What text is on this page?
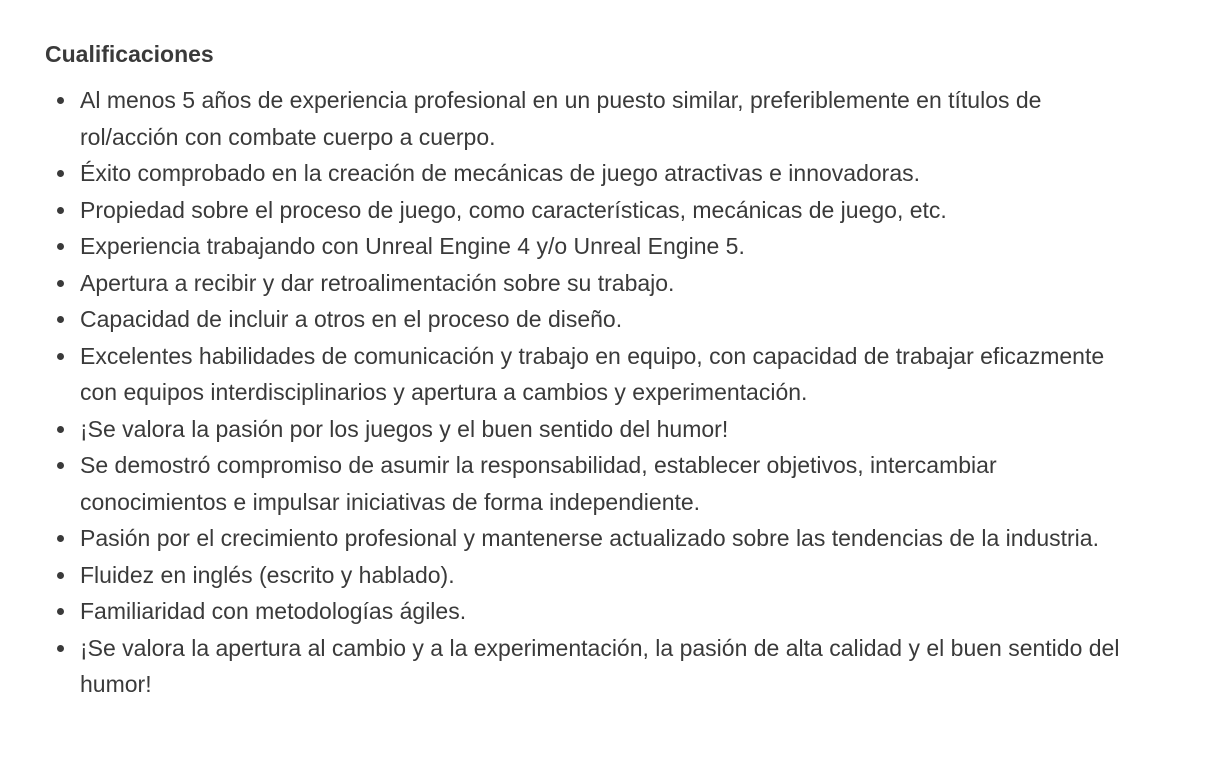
Cualificaciones
Al menos 5 años de experiencia profesional en un puesto similar, preferiblemente en títulos de rol/acción con combate cuerpo a cuerpo.
Éxito comprobado en la creación de mecánicas de juego atractivas e innovadoras.
Propiedad sobre el proceso de juego, como características, mecánicas de juego, etc.
Experiencia trabajando con Unreal Engine 4 y/o Unreal Engine 5.
Apertura a recibir y dar retroalimentación sobre su trabajo.
Capacidad de incluir a otros en el proceso de diseño.
Excelentes habilidades de comunicación y trabajo en equipo, con capacidad de trabajar eficazmente con equipos interdisciplinarios y apertura a cambios y experimentación.
¡Se valora la pasión por los juegos y el buen sentido del humor!
Se demostró compromiso de asumir la responsabilidad, establecer objetivos, intercambiar conocimientos e impulsar iniciativas de forma independiente.
Pasión por el crecimiento profesional y mantenerse actualizado sobre las tendencias de la industria.
Fluidez en inglés (escrito y hablado).
Familiaridad con metodologías ágiles.
¡Se valora la apertura al cambio y a la experimentación, la pasión de alta calidad y el buen sentido del humor!
